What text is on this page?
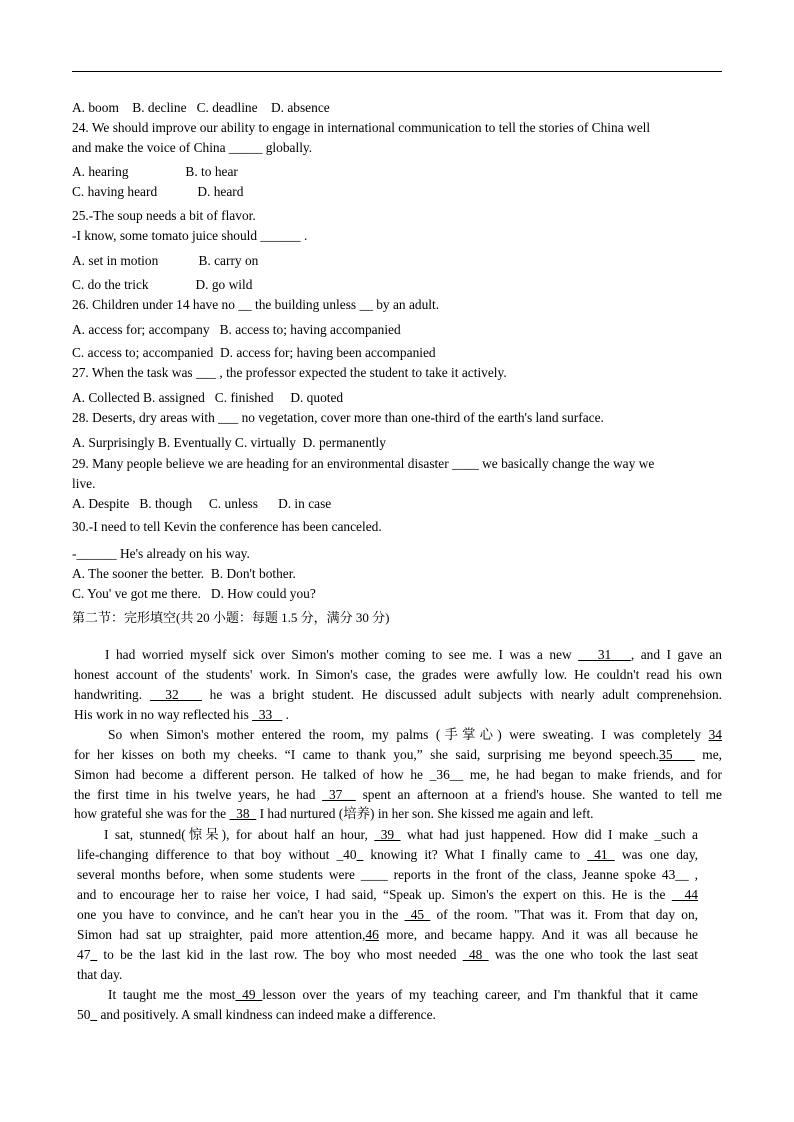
A. boom    B. decline   C. deadline    D. absence
24. We should improve our ability to engage in international communication to tell the stories of China well
and make the voice of China _____ globally.
A. hearing                 B. to hear
C. having heard            D. heard
25.-The soup needs a bit of flavor.
-I know, some tomato juice should ______ .
A. set in motion            B. carry on
C. do the trick              D. go wild
26. Children under 14 have no __ the building unless __ by an adult.
A. access for; accompany   B. access to; having accompanied
C. access to; accompanied  D. access for; having been accompanied
27. When the task was ___ , the professor expected the student to take it actively.
A. Collected B. assigned   C. finished     D. quoted
28. Deserts, dry areas with ___ no vegetation, cover more than one-third of the earth's land surface.
A. Surprisingly B. Eventually C. virtually  D. permanently
29. Many people believe we are heading for an environmental disaster ____ we basically change the way we
live.
A. Despite   B. though     C. unless      D. in case
30.-I need to tell Kevin the conference has been canceled.
-______ He's already on his way.
A. The sooner the better.  B. Don't bother.
C. You' ve got me there.   D. How could you?
第二节：完形填空(共 20 小题：每题 1.5 分，满分 30 分)
I had worried myself sick over Simon's mother coming to see me. I was a new    31   , and I gave an
honest account of the students' work. In Simon's case, the grades were awfully low. He couldn't read his own
handwriting.   32    he was a bright student. He discussed adult subjects with nearly adult comprenehsion.
His work in no way reflected his   33    .
So when Simon's mother entered the room, my palms (手掌心) were sweating. I was completely 34
for her kisses on both my cheeks. “I came to thank you,” she said, surprising me beyond speech.35    me,
Simon had become a different person. He talked of how he _36__ me, he had began to make friends, and for
the first time in his twelve years, he had _37__ spent an afternoon at a friend's house. She wanted to tell me
how grateful she was for the   38   I had nurtured (培养) in her son. She kissed me again and left.
I sat, stunned(惊呆), for about half an hour,  39  what had just happened. How did I make _such a
life-changing difference to that boy without _40_ knowing it? What I finally came to  41  was one day,
several months before, when some students were ____ reports in the front of the class, Jeanne spoke 43__ ,
and to encourage her to raise her voice, I had said, “Speak up. Simon's the expert on this. He is the   44
one you have to convince, and he can't hear you in the  45  of the room. "That was it. From that day on,
Simon had sat up straighter, paid more attention,46 more, and became happy. And it was all because he
47_ to be the last kid in the last row. The boy who most needed  48  was the one who took the last seat
that day.
It taught me the most 49 lesson over the years of my teaching career, and I'm thankful that it came
50_ and positively. A small kindness can indeed make a difference.
